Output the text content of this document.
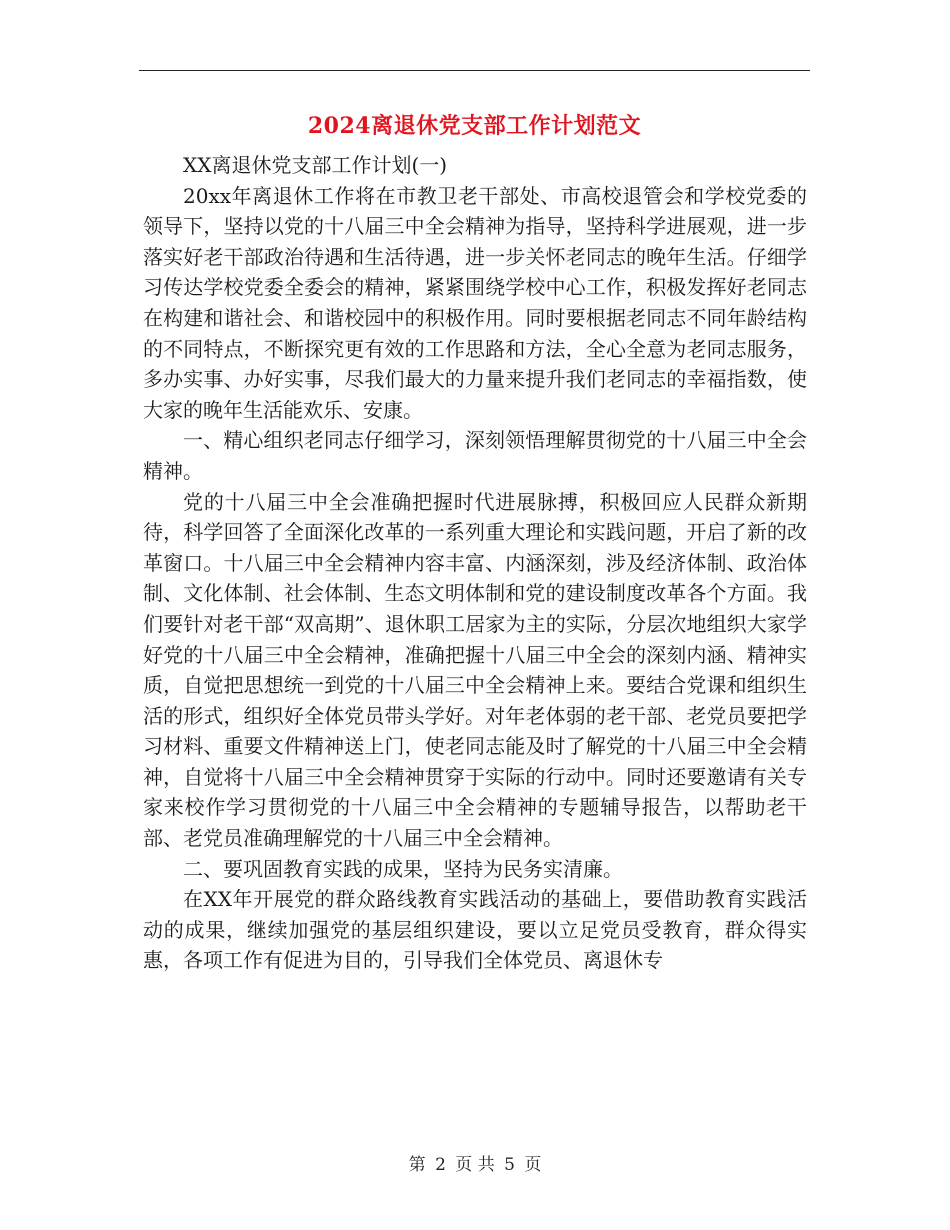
2024离退休党支部工作计划范文

XX离退休党支部工作计划(一)

20xx年离退休工作将在市教卫老干部处、市高校退管会和学校党委的领导下，坚持以党的十八届三中全会精神为指导，坚持科学进展观，进一步落实好老干部政治待遇和生活待遇，进一步关怀老同志的晚年生活。仔细学习传达学校党委全委会的精神，紧紧围绕学校中心工作，积极发挥好老同志在构建和谐社会、和谐校园中的积极作用。同时要根据老同志不同年龄结构的不同特点，不断探究更有效的工作思路和方法，全心全意为老同志服务，多办实事、办好实事，尽我们最大的力量来提升我们老同志的幸福指数，使大家的晚年生活能欢乐、安康。

一、精心组织老同志仔细学习，深刻领悟理解贯彻党的十八届三中全会精神。

党的十八届三中全会准确把握时代进展脉搏，积极回应人民群众新期待，科学回答了全面深化改革的一系列重大理论和实践问题，开启了新的改革窗口。十八届三中全会精神内容丰富、内涵深刻，涉及经济体制、政治体制、文化体制、社会体制、生态文明体制和党的建设制度改革各个方面。我们要针对老干部“双高期”、退休职工居家为主的实际，分层次地组织大家学好党的十八届三中全会精神，准确把握十八届三中全会的深刻内涵、精神实质，自觉把思想统一到党的十八届三中全会精神上来。要结合党课和组织生活的形式，组织好全体党员带头学好。对年老体弱的老干部、老党员要把学习材料、重要文件精神送上门，使老同志能及时了解党的十八届三中全会精神，自觉将十八届三中全会精神贯穿于实际的行动中。同时还要邀请有关专家来校作学习贯彻党的十八届三中全会精神的专题辅导报告，以帮助老干部、老党员准确理解党的十八届三中全会精神。

二、要巩固教育实践的成果，坚持为民务实清廉。

在XX年开展党的群众路线教育实践活动的基础上，要借助教育实践活动的成果，继续加强党的基层组织建设，要以立足党员受教育，群众得实惠，各项工作有促进为目的，引导我们全体党员、离退休专

第 2 页 共 5 页
